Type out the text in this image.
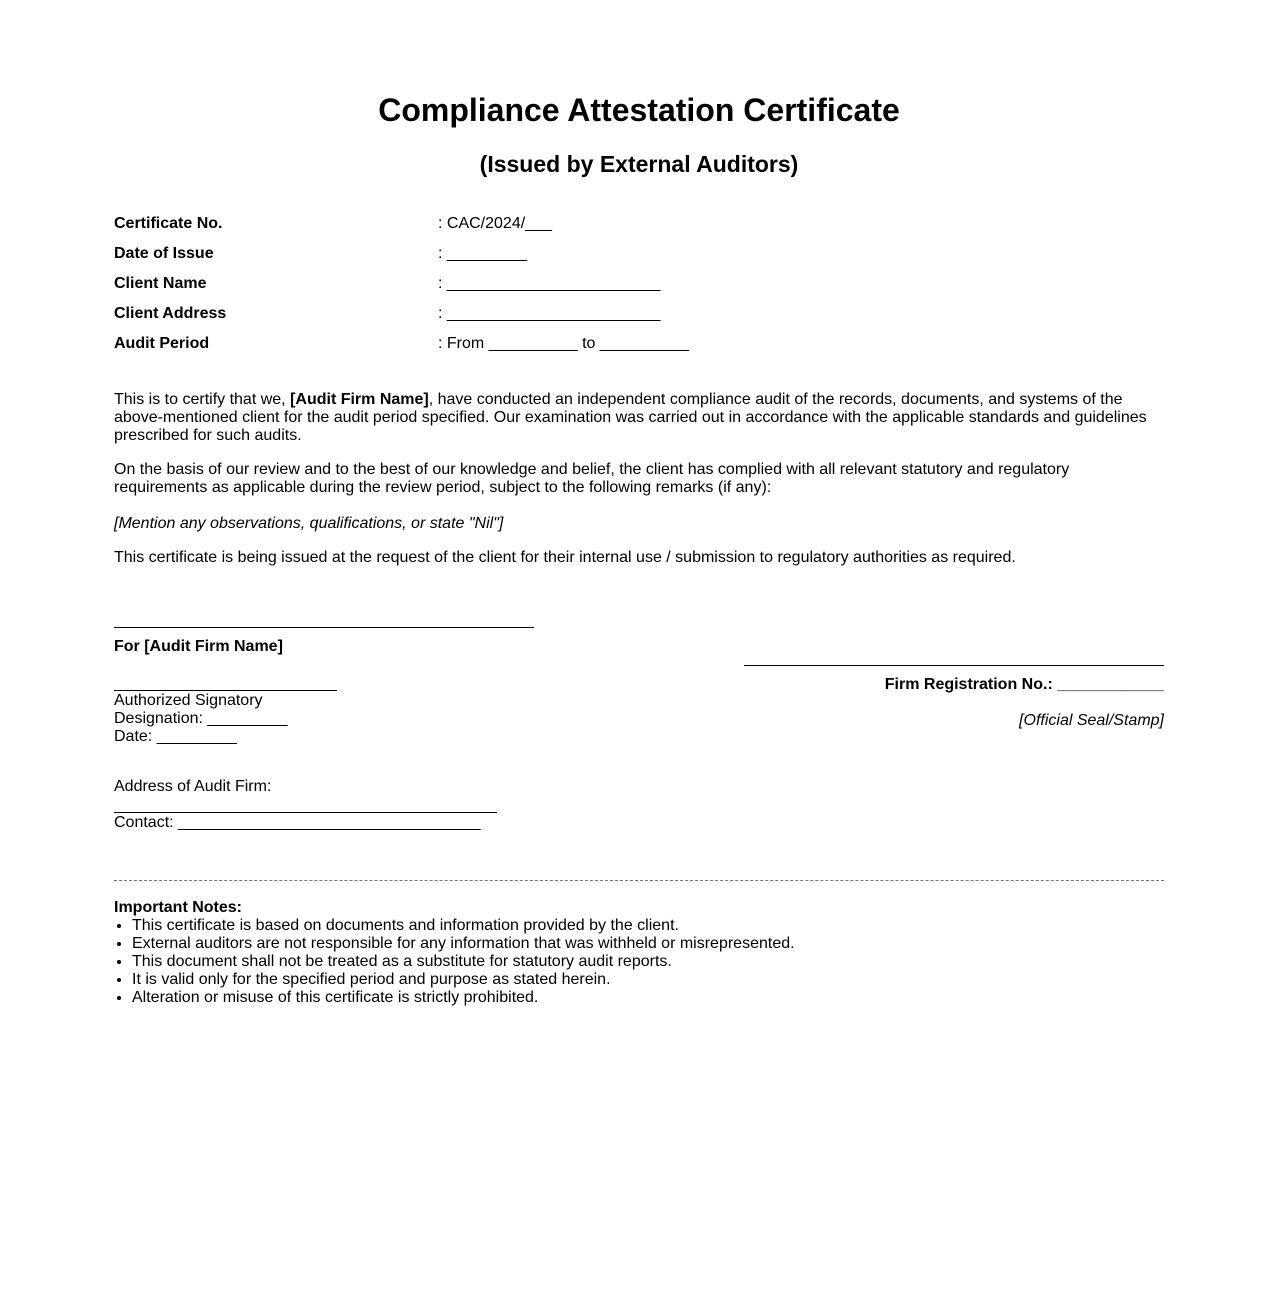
Compliance Attestation Certificate
(Issued by External Auditors)
Certificate No.	: CAC/2024/___
Date of Issue	: _________
Client Name	: ________________________
Client Address	: ________________________
Audit Period	: From __________ to __________

This is to certify that we, [Audit Firm Name], have conducted an independent compliance audit of the records, documents, and systems of the above-mentioned client for the audit period specified. Our examination was carried out in accordance with the applicable standards and guidelines prescribed for such audits.

On the basis of our review and to the best of our knowledge and belief, the client has complied with all relevant statutory and regulatory requirements as applicable during the review period, subject to the following remarks (if any):

[Mention any observations, qualifications, or state "Nil"]

This certificate is being issued at the request of the client for their internal use / submission to regulatory authorities as required.

For [Audit Firm Name]
Authorized Signatory
Designation: _________
Date: _________
Address of Audit Firm:
Contact: __________________________________
Firm Registration No.: ____________
[Official Seal/Stamp]
Important Notes:
• This certificate is based on documents and information provided by the client.
• External auditors are not responsible for any information that was withheld or misrepresented.
• This document shall not be treated as a substitute for statutory audit reports.
• It is valid only for the specified period and purpose as stated herein.
• Alteration or misuse of this certificate is strictly prohibited.
